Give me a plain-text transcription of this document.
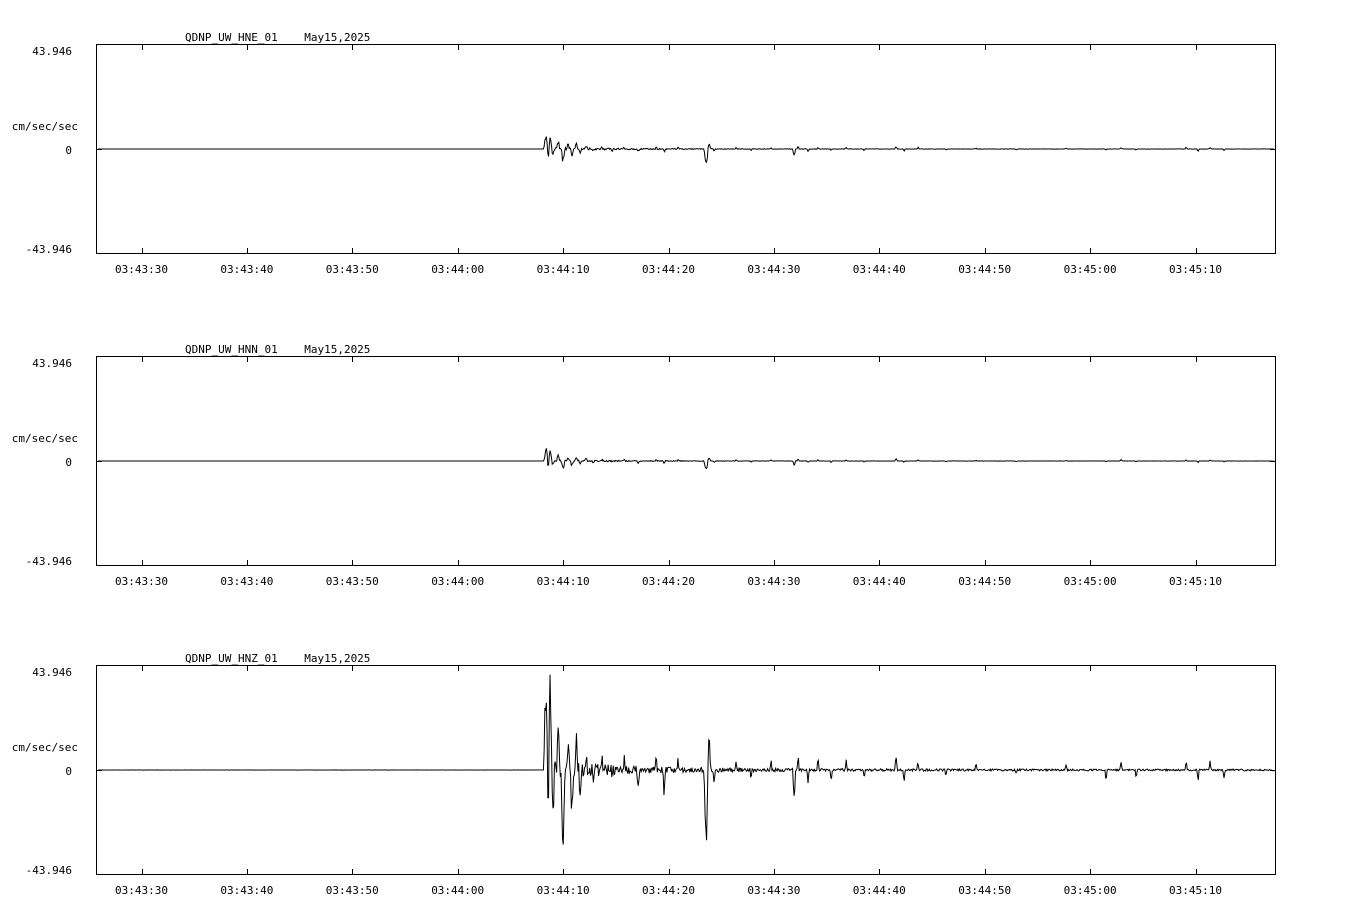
QDNP_UW_HNE_01    May15,2025
43.946
cm/sec/sec
0
-43.946
03:43:30	03:43:40	03:43:50	03:44:00	03:44:10	03:44:20	03:44:30	03:44:40	03:44:50	03:45:00	03:45:10
QDNP_UW_HNN_01    May15,2025
43.946
cm/sec/sec
0
-43.946
03:43:30	03:43:40	03:43:50	03:44:00	03:44:10	03:44:20	03:44:30	03:44:40	03:44:50	03:45:00	03:45:10
QDNP_UW_HNZ_01    May15,2025
43.946
cm/sec/sec
0
-43.946
03:43:30	03:43:40	03:43:50	03:44:00	03:44:10	03:44:20	03:44:30	03:44:40	03:44:50	03:45:00	03:45:10
